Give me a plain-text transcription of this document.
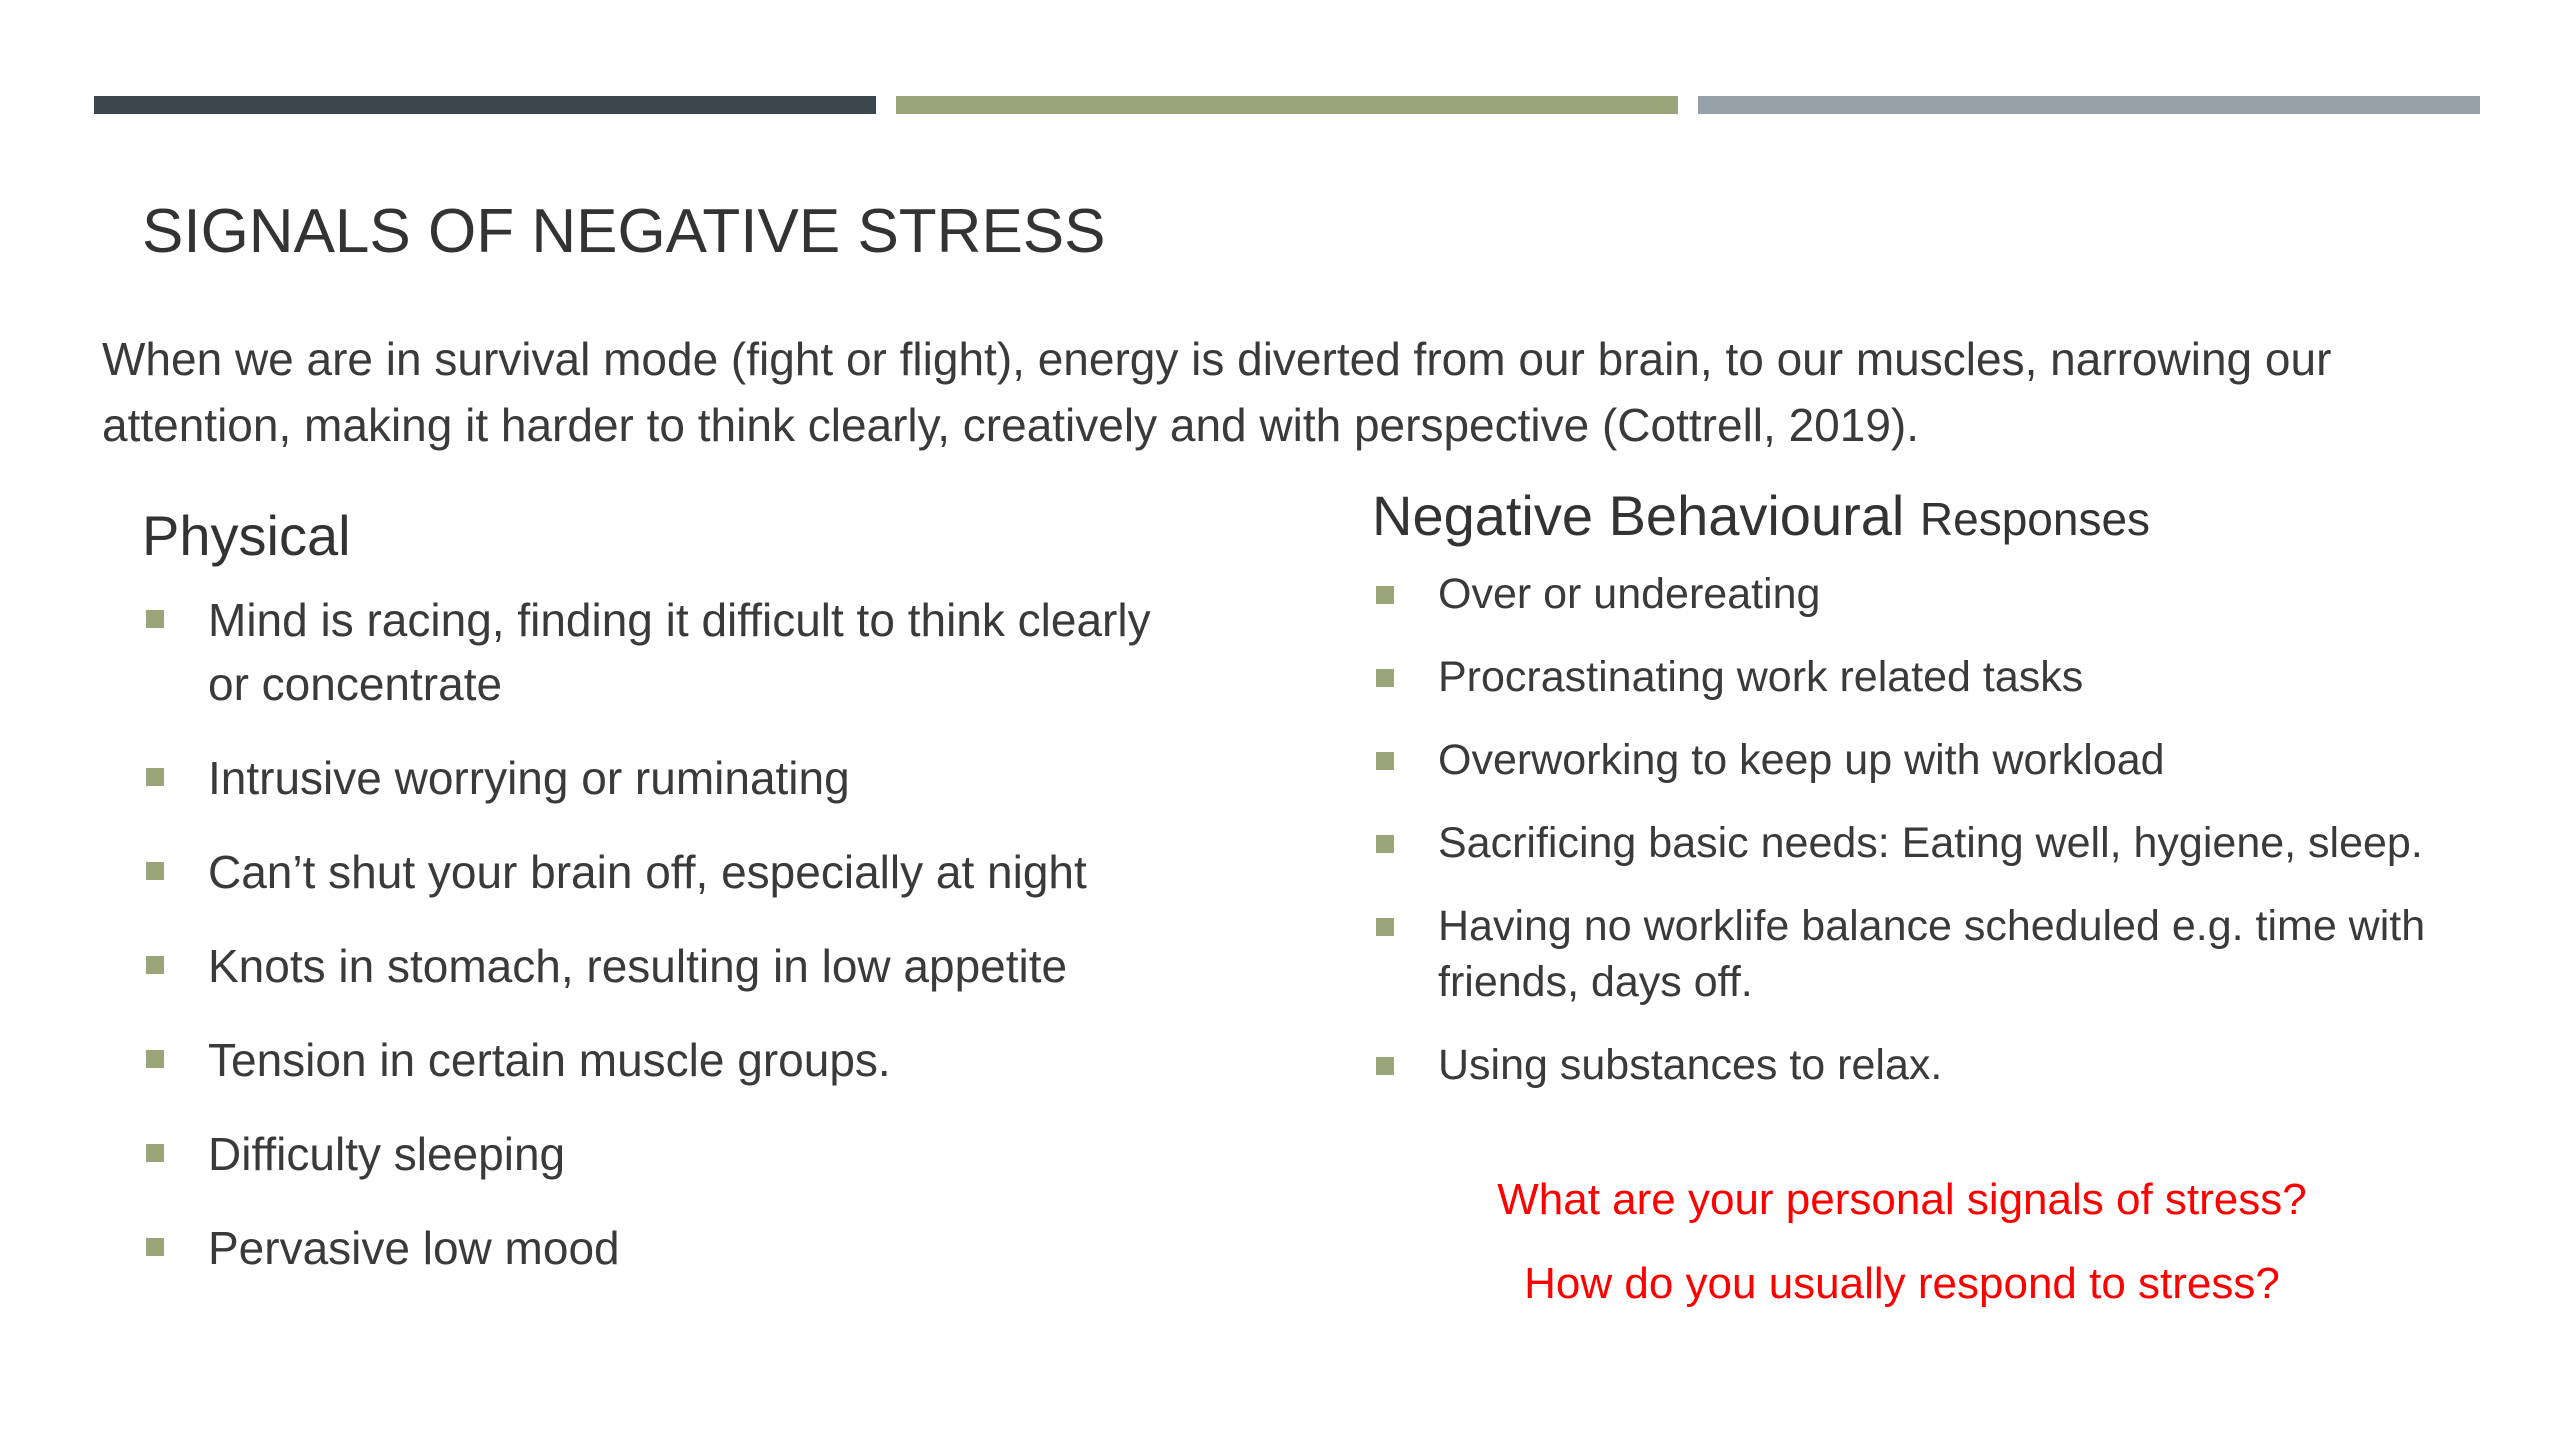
SIGNALS OF NEGATIVE STRESS
When we are in survival mode (fight or flight), energy is diverted from our brain, to our muscles, narrowing our attention, making it harder to think clearly, creatively and with perspective (Cottrell, 2019).
Physical
Mind is racing, finding it difficult to think clearly or concentrate
Intrusive worrying or ruminating
Can’t shut your brain off, especially at night
Knots in stomach, resulting in low appetite
Tension in certain muscle groups.
Difficulty sleeping
Pervasive low mood
Negative Behavioural Responses
Over or undereating
Procrastinating work related tasks
Overworking to keep up with workload
Sacrificing basic needs: Eating well, hygiene, sleep.
Having no worklife balance scheduled e.g. time with friends, days off.
Using substances to relax.
What are your personal signals of stress?
How do you usually respond to stress?
